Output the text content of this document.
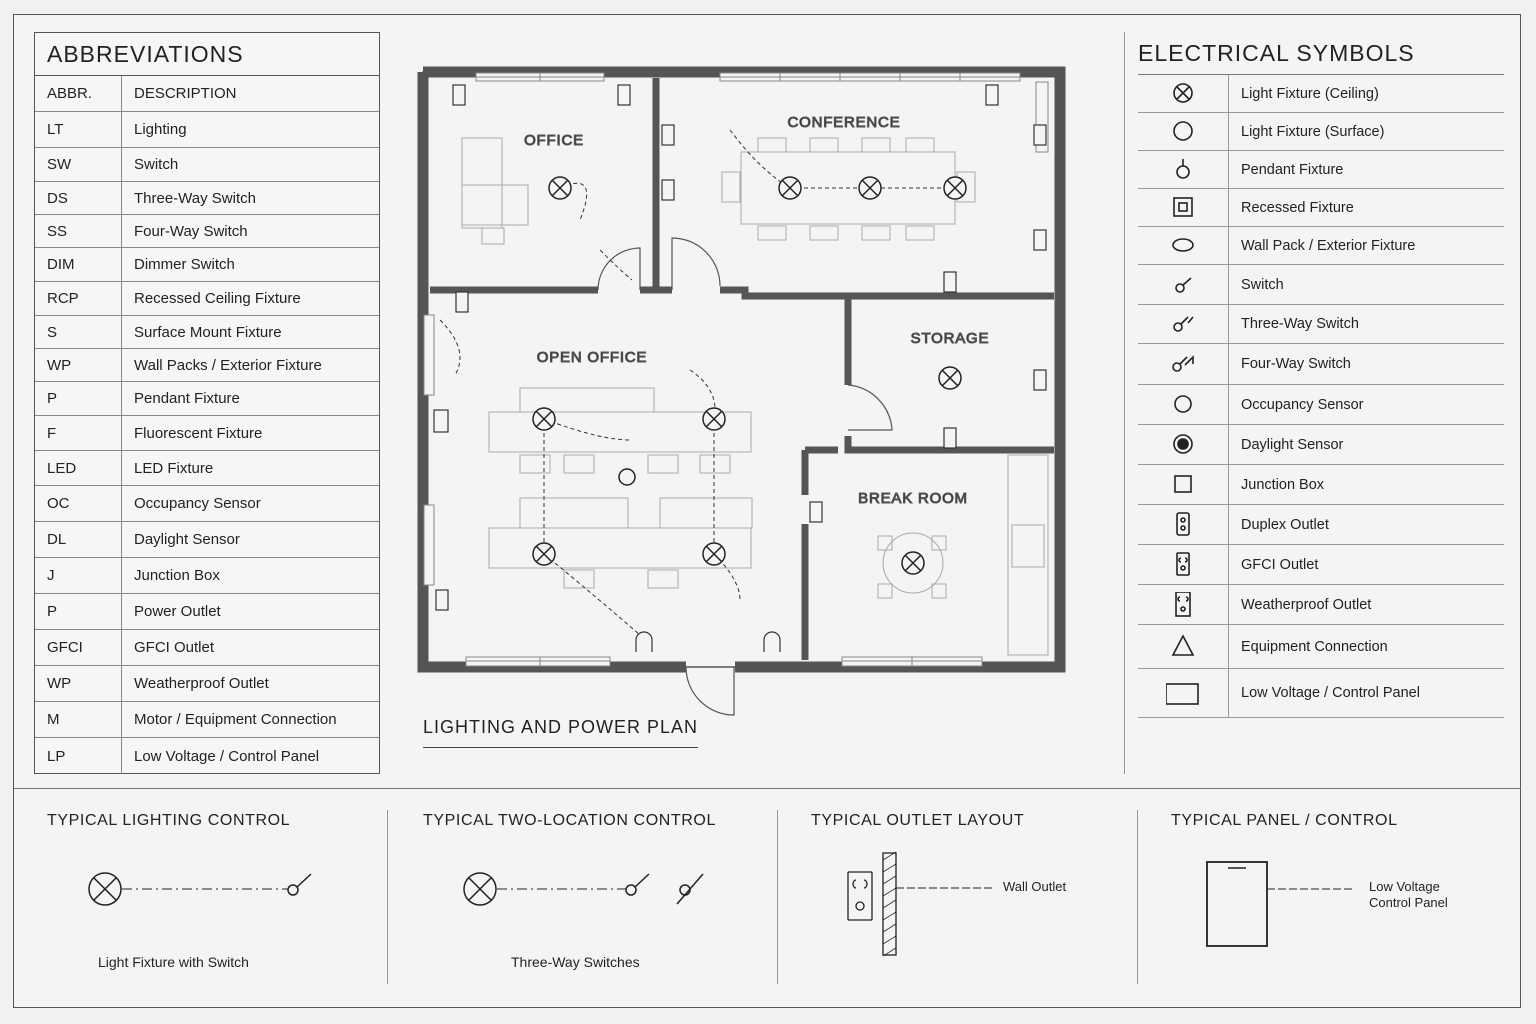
ABBREVIATIONS
ABBR.	DESCRIPTION
LT	Lighting
SW	Switch
DS	Three-Way Switch
SS	Four-Way Switch
DIM	Dimmer Switch
RCP	Recessed Ceiling Fixture
S	Surface Mount Fixture
WP	Wall Packs / Exterior Fixture
P	Pendant Fixture
F	Fluorescent Fixture
LED	LED Fixture
OC	Occupancy Sensor
DL	Daylight Sensor
J	Junction Box
P	Power Outlet
GFCI	GFCI Outlet
WP	Weatherproof Outlet
M	Motor / Equipment Connection
LP	Low Voltage / Control Panel
ELECTRICAL SYMBOLS
Light Fixture (Ceiling)
Light Fixture (Surface)
Pendant Fixture
Recessed Fixture
Wall Pack / Exterior Fixture
Switch
Three-Way Switch
Four-Way Switch
Occupancy Sensor
Daylight Sensor
Junction Box
Duplex Outlet
GFCI Outlet
Weatherproof Outlet
Equipment Connection
Low Voltage / Control Panel
OFFICE
CONFERENCE
OPEN OFFICE
STORAGE
BREAK ROOM
LIGHTING AND POWER PLAN
TYPICAL LIGHTING CONTROL	TYPICAL TWO-LOCATION CONTROL	TYPICAL OUTLET LAYOUT	TYPICAL PANEL / CONTROL
Light Fixture with Switch	Three-Way Switches
Wall Outlet	Low Voltage
Control Panel
